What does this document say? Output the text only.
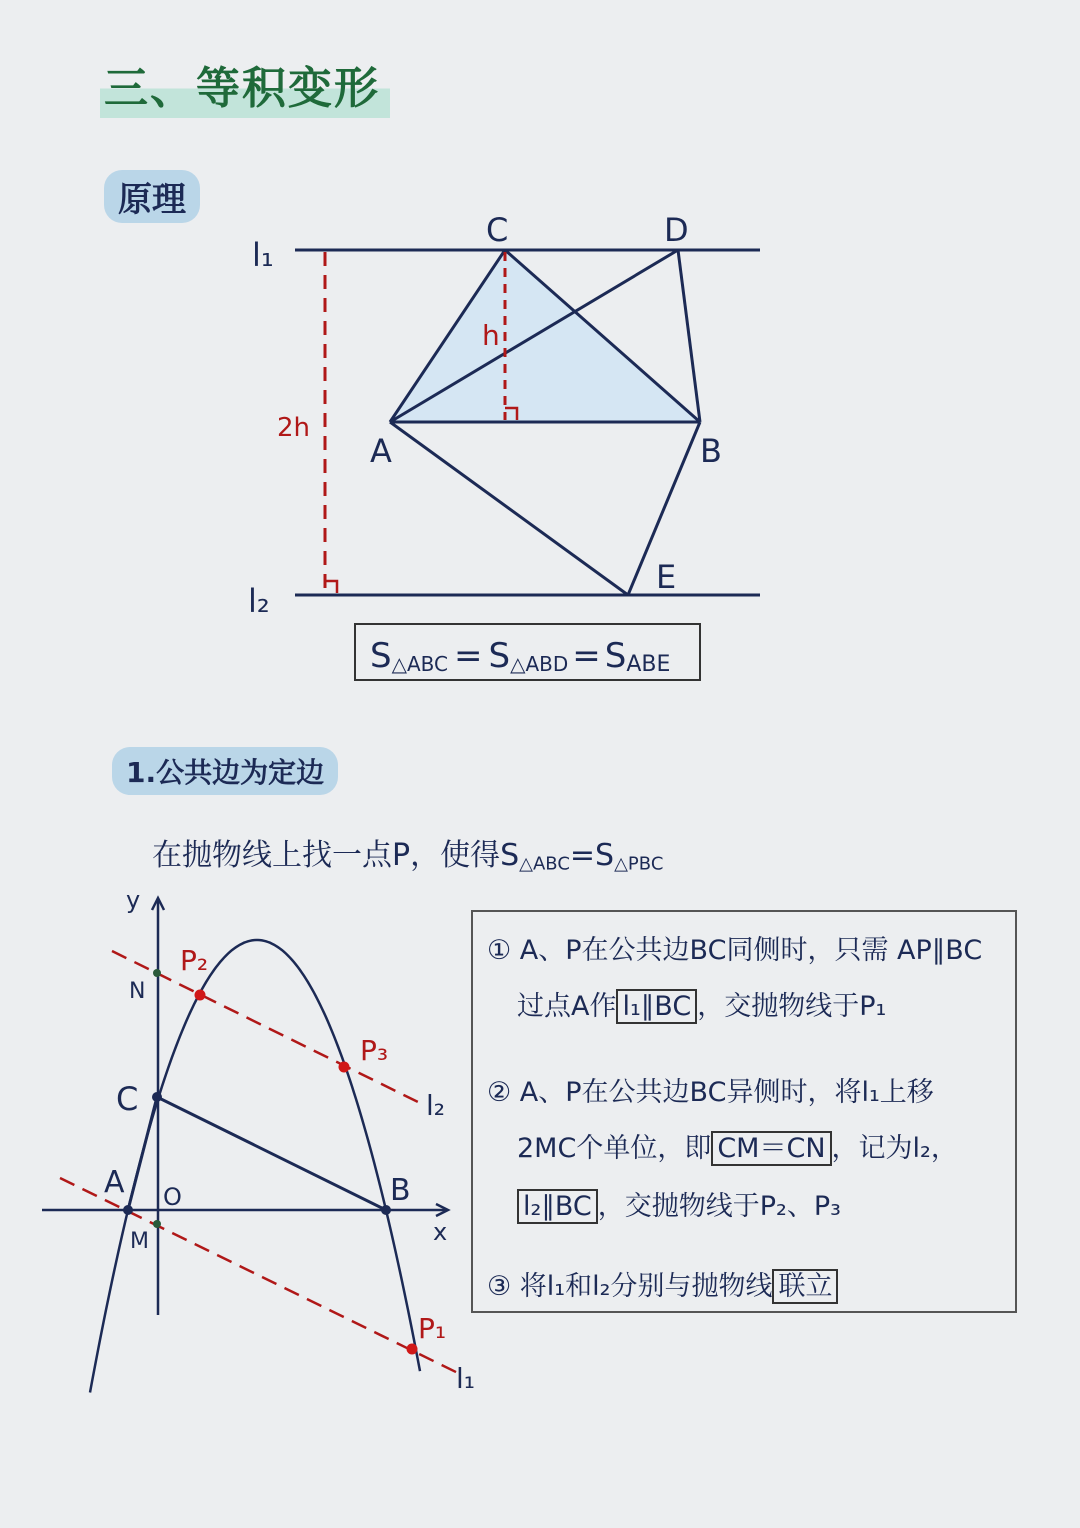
三、等积变形
原理
l₁
l₂
C	D
A	B
E
h
2h
S△ABC = S△ABD = SABE
1.公共边为定边
在抛物线上找一点P，使得$S_{\triangle ABC}=S_{\triangle PBC}$
y
x
O
A	B
C
M
N
P₁
P₂
P₃
l₁
l₂
① A、P在公共边BC同侧时，只需 AP∥BC
过点A作 l₁∥BC ，交抛物线于P₁
② A、P在公共边BC异侧时，将l₁上移
2MC个单位，即 CM＝CN ，记为l₂，
l₂∥BC ，交抛物线于P₂、P₃
③ 将l₁和l₂分别与抛物线 联立
